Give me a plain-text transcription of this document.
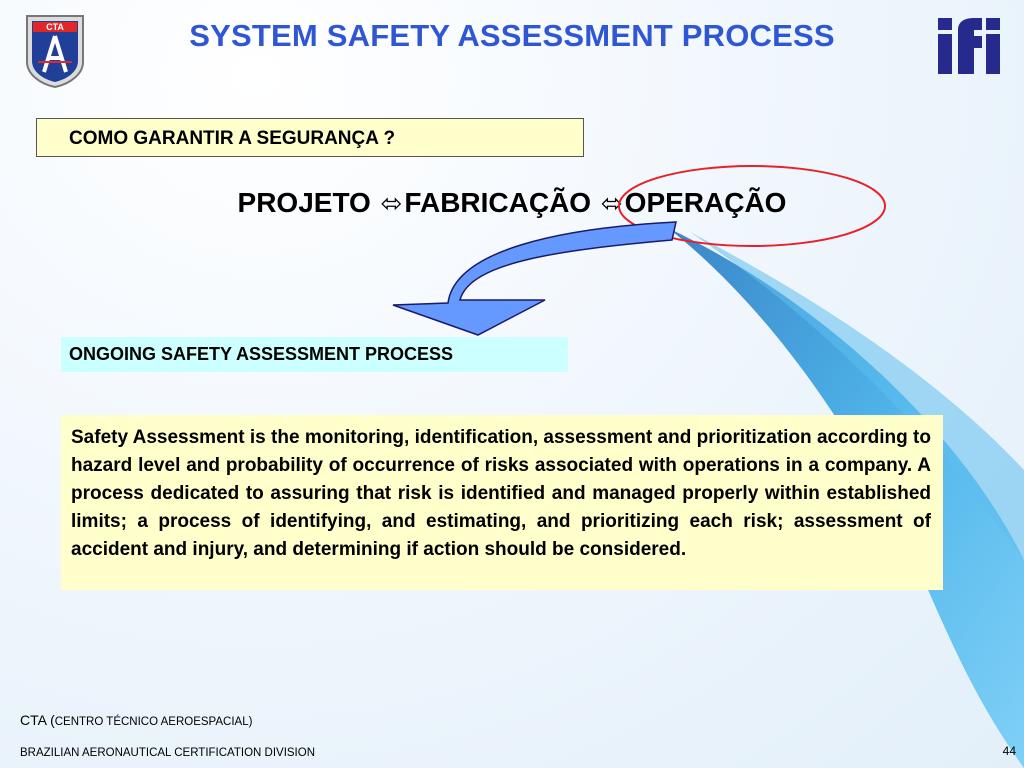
CTA	SYSTEM SAFETY ASSESSMENT PROCESS
COMO GARANTIR A SEGURANÇA ?
PROJETO ⬄FABRICAÇÃO ⬄OPERAÇÃO
ONGOING SAFETY ASSESSMENT PROCESS
Safety Assessment is the monitoring, identification, assessment and prioritization according to hazard level and probability of occurrence of risks associated with operations in a company. A process dedicated to assuring that risk is identified and managed properly within established limits; a process of identifying, and estimating, and prioritizing each risk; assessment of accident and injury, and determining if action should be considered.
CTA (CENTRO TÉCNICO AEROESPACIAL)
BRAZILIAN AERONAUTICAL CERTIFICATION DIVISION	44
